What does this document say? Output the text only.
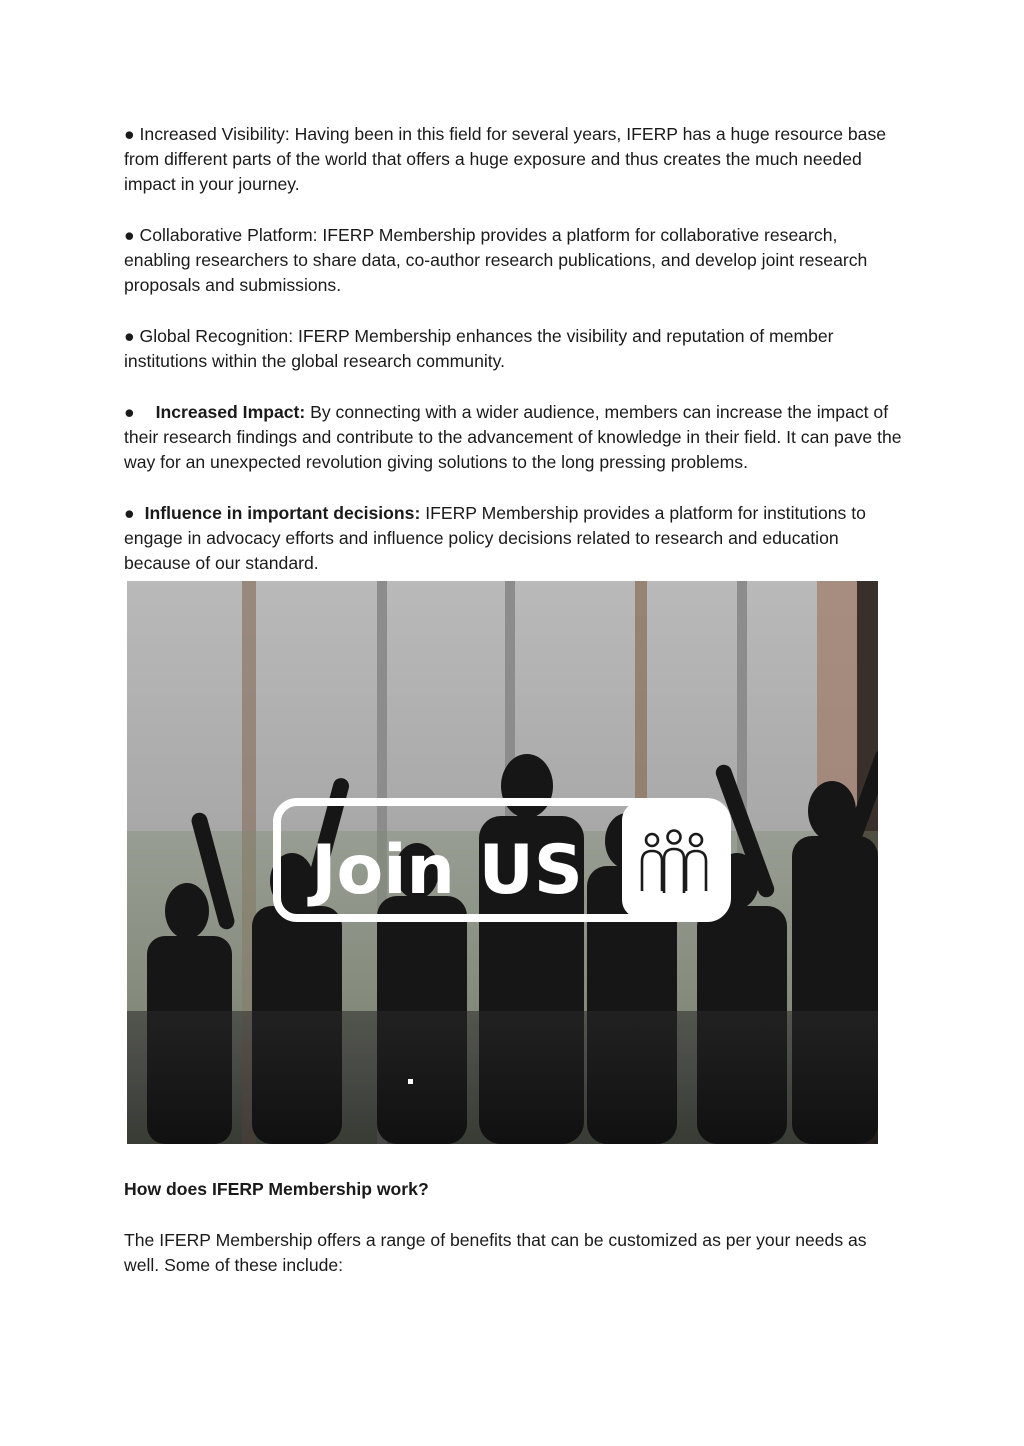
● Increased Visibility: Having been in this field for several years, IFERP has a huge resource base from different parts of the world that offers a huge exposure and thus creates the much needed impact in your journey.

● Collaborative Platform: IFERP Membership provides a platform for collaborative research, enabling researchers to share data, co-author research publications, and develop joint research proposals and submissions.

● Global Recognition: IFERP Membership enhances the visibility and reputation of member institutions within the global research community.

● Increased Impact: By connecting with a wider audience, members can increase the impact of their research findings and contribute to the advancement of knowledge in their field. It can pave the way for an unexpected revolution giving solutions to the long pressing problems.

● Influence in important decisions: IFERP Membership provides a platform for institutions to engage in advocacy efforts and influence policy decisions related to research and education because of our standard.

Join US

How does IFERP Membership work?

The IFERP Membership offers a range of benefits that can be customized as per your needs as well. Some of these include:
